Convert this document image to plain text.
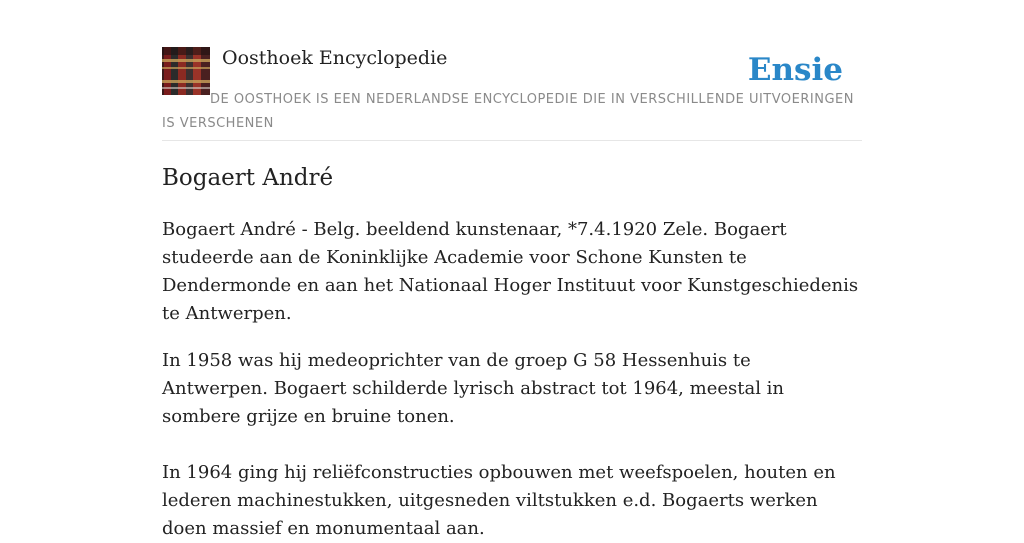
Oosthoek Encyclopedie	Ensie
DE OOSTHOEK IS EEN NEDERLANDSE ENCYCLOPEDIE DIE IN VERSCHILLENDE UITVOERINGEN IS VERSCHENEN
Bogaert André

Bogaert André - Belg. beeldend kunstenaar, *7.4.1920 Zele. Bogaert studeerde aan de Koninklijke Academie voor Schone Kunsten te Dendermonde en aan het Nationaal Hoger Instituut voor Kunstgeschiedenis te Antwerpen.

In 1958 was hij medeoprichter van de groep G 58 Hessenhuis te Antwerpen. Bogaert schilderde lyrisch abstract tot 1964, meestal in sombere grijze en bruine tonen.

In 1964 ging hij reliëfconstructies opbouwen met weefspoelen, houten en lederen machinestukken, uitgesneden viltstukken e.d. Bogaerts werken doen massief en monumentaal aan.
